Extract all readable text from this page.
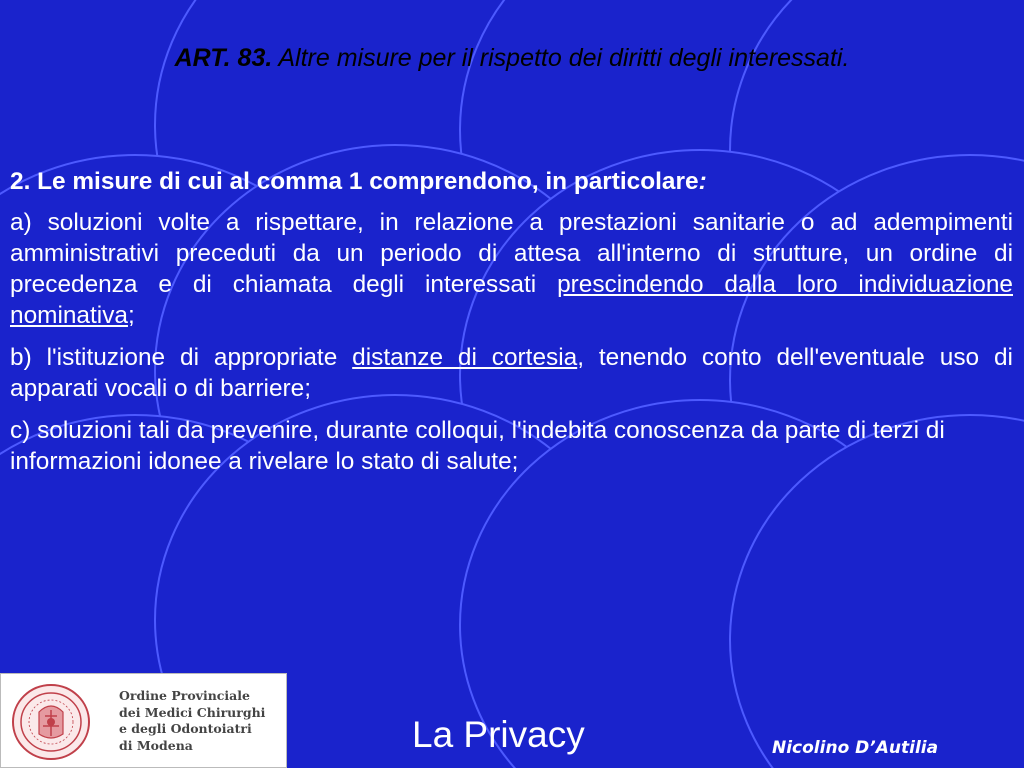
ART. 83. Altre misure per il rispetto dei diritti degli interessati.

2. Le misure di cui al comma 1 comprendono, in particolare:

a) soluzioni volte a rispettare, in relazione a prestazioni sanitarie o ad adempimenti amministrativi preceduti da un periodo di attesa all'interno di strutture, un ordine di precedenza e di chiamata degli interessati prescindendo dalla loro individuazione nominativa;

b) l'istituzione di appropriate distanze di cortesia, tenendo conto dell'eventuale uso di apparati vocali o di barriere;

c) soluzioni tali da prevenire, durante colloqui, l'indebita conoscenza da parte di terzi di informazioni idonee a rivelare lo stato di salute;

Ordine Provinciale
dei Medici Chirurghi
e degli Odontoiatri
di Modena	La Privacy	Nicolino D’Autilia
